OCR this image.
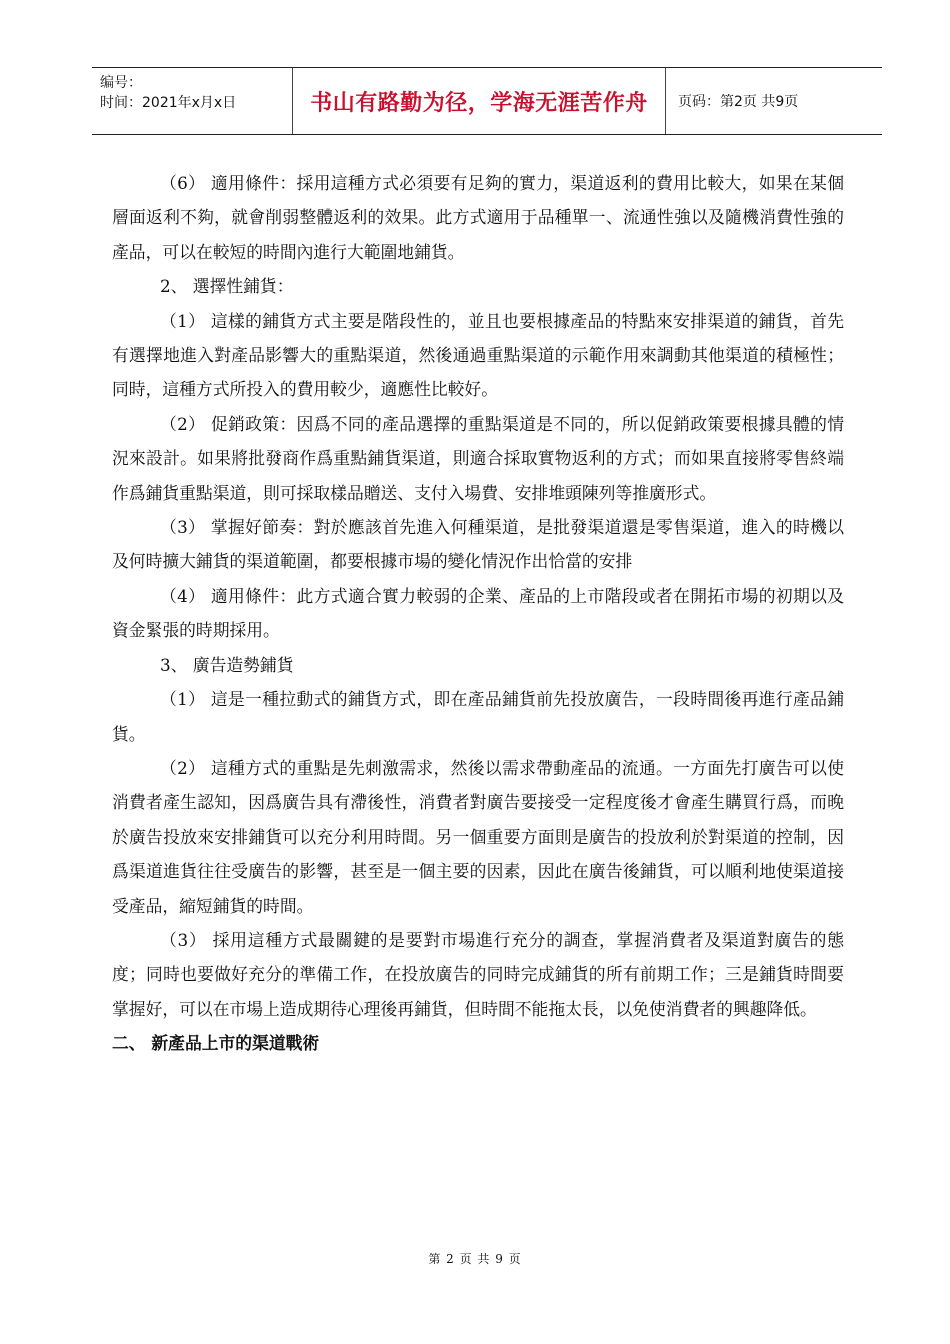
编号：
时间：2021年x月x日	书山有路勤为径，学海无涯苦作舟	页码：第2页 共9页

（6） 適用條件：採用這種方式必須要有足夠的實力，渠道返利的費用比較大，如果在某個層面返利不夠，就會削弱整體返利的效果。此方式適用于品種單一、流通性強以及隨機消費性強的產品，可以在較短的時間內進行大範圍地鋪貨。

2、 選擇性鋪貨：

（1） 這樣的鋪貨方式主要是階段性的，並且也要根據產品的特點來安排渠道的鋪貨，首先有選擇地進入對產品影響大的重點渠道，然後通過重點渠道的示範作用來調動其他渠道的積極性；同時，這種方式所投入的費用較少，適應性比較好。

（2） 促銷政策：因爲不同的產品選擇的重點渠道是不同的，所以促銷政策要根據具體的情況來設計。如果將批發商作爲重點鋪貨渠道，則適合採取實物返利的方式；而如果直接將零售終端作爲鋪貨重點渠道，則可採取樣品贈送、支付入場費、安排堆頭陳列等推廣形式。

（3） 掌握好節奏：對於應該首先進入何種渠道，是批發渠道還是零售渠道，進入的時機以及何時擴大鋪貨的渠道範圍，都要根據市場的變化情況作出恰當的安排

（4） 適用條件：此方式適合實力較弱的企業、產品的上市階段或者在開拓市場的初期以及資金緊張的時期採用。

3、 廣告造勢鋪貨

（1） 這是一種拉動式的鋪貨方式，即在產品鋪貨前先投放廣告，一段時間後再進行產品鋪貨。

（2） 這種方式的重點是先刺激需求，然後以需求帶動產品的流通。一方面先打廣告可以使消費者產生認知，因爲廣告具有滯後性，消費者對廣告要接受一定程度後才會產生購買行爲，而晚於廣告投放來安排鋪貨可以充分利用時間。另一個重要方面則是廣告的投放利於對渠道的控制，因爲渠道進貨往往受廣告的影響，甚至是一個主要的因素，因此在廣告後鋪貨，可以順利地使渠道接受產品，縮短鋪貨的時間。

（3） 採用這種方式最關鍵的是要對市場進行充分的調查，掌握消費者及渠道對廣告的態度；同時也要做好充分的準備工作，在投放廣告的同時完成鋪貨的所有前期工作；三是鋪貨時間要掌握好，可以在市場上造成期待心理後再鋪貨，但時間不能拖太長，以免使消費者的興趣降低。

二、 新產品上市的渠道戰術

第 2 页 共 9 页
